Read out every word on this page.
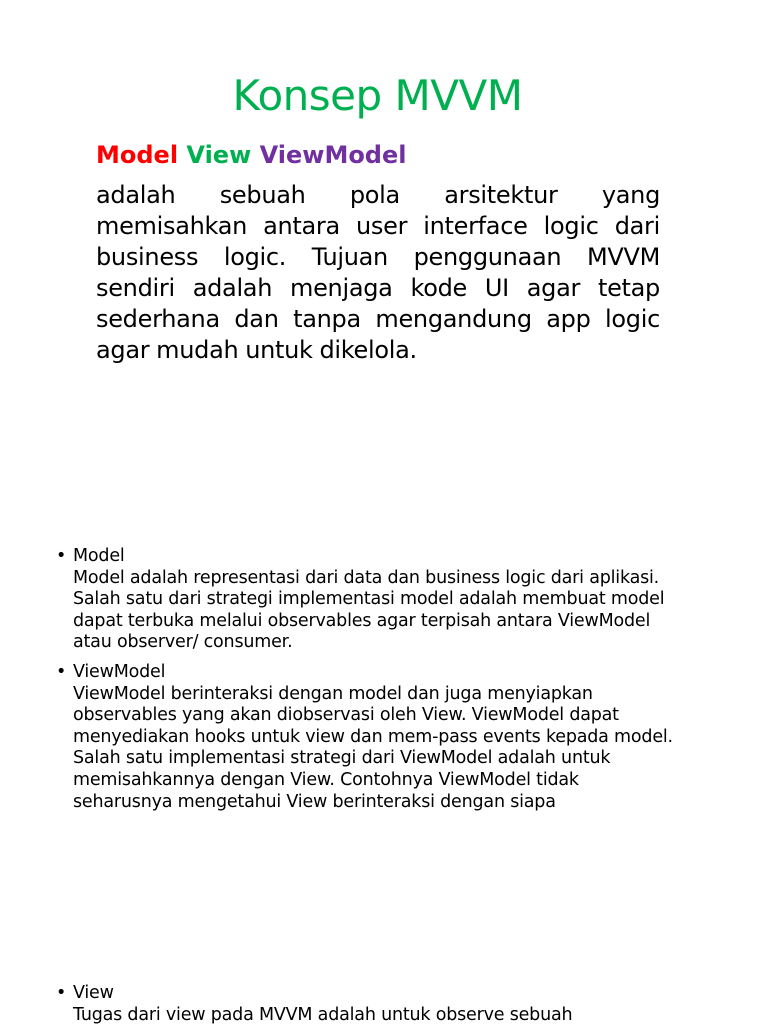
Konsep MVVM
Model View ViewModel
adalah sebuah pola arsitektur yang
memisahkan antara user interface logic dari
business logic. Tujuan penggunaan MVVM
sendiri adalah menjaga kode UI agar tetap
sederhana dan tanpa mengandung app logic
agar mudah untuk dikelola.
• Model
Model adalah representasi dari data dan business logic dari aplikasi.
Salah satu dari strategi implementasi model adalah membuat model
dapat terbuka melalui observables agar terpisah antara ViewModel
atau observer/ consumer.
• ViewModel
ViewModel berinteraksi dengan model dan juga menyiapkan
observables yang akan diobservasi oleh View. ViewModel dapat
menyediakan hooks untuk view dan mem-pass events kepada model.
Salah satu implementasi strategi dari ViewModel adalah untuk
memisahkannya dengan View. Contohnya ViewModel tidak
seharusnya mengetahui View berinteraksi dengan siapa
• View
Tugas dari view pada MVVM adalah untuk observe sebuah
